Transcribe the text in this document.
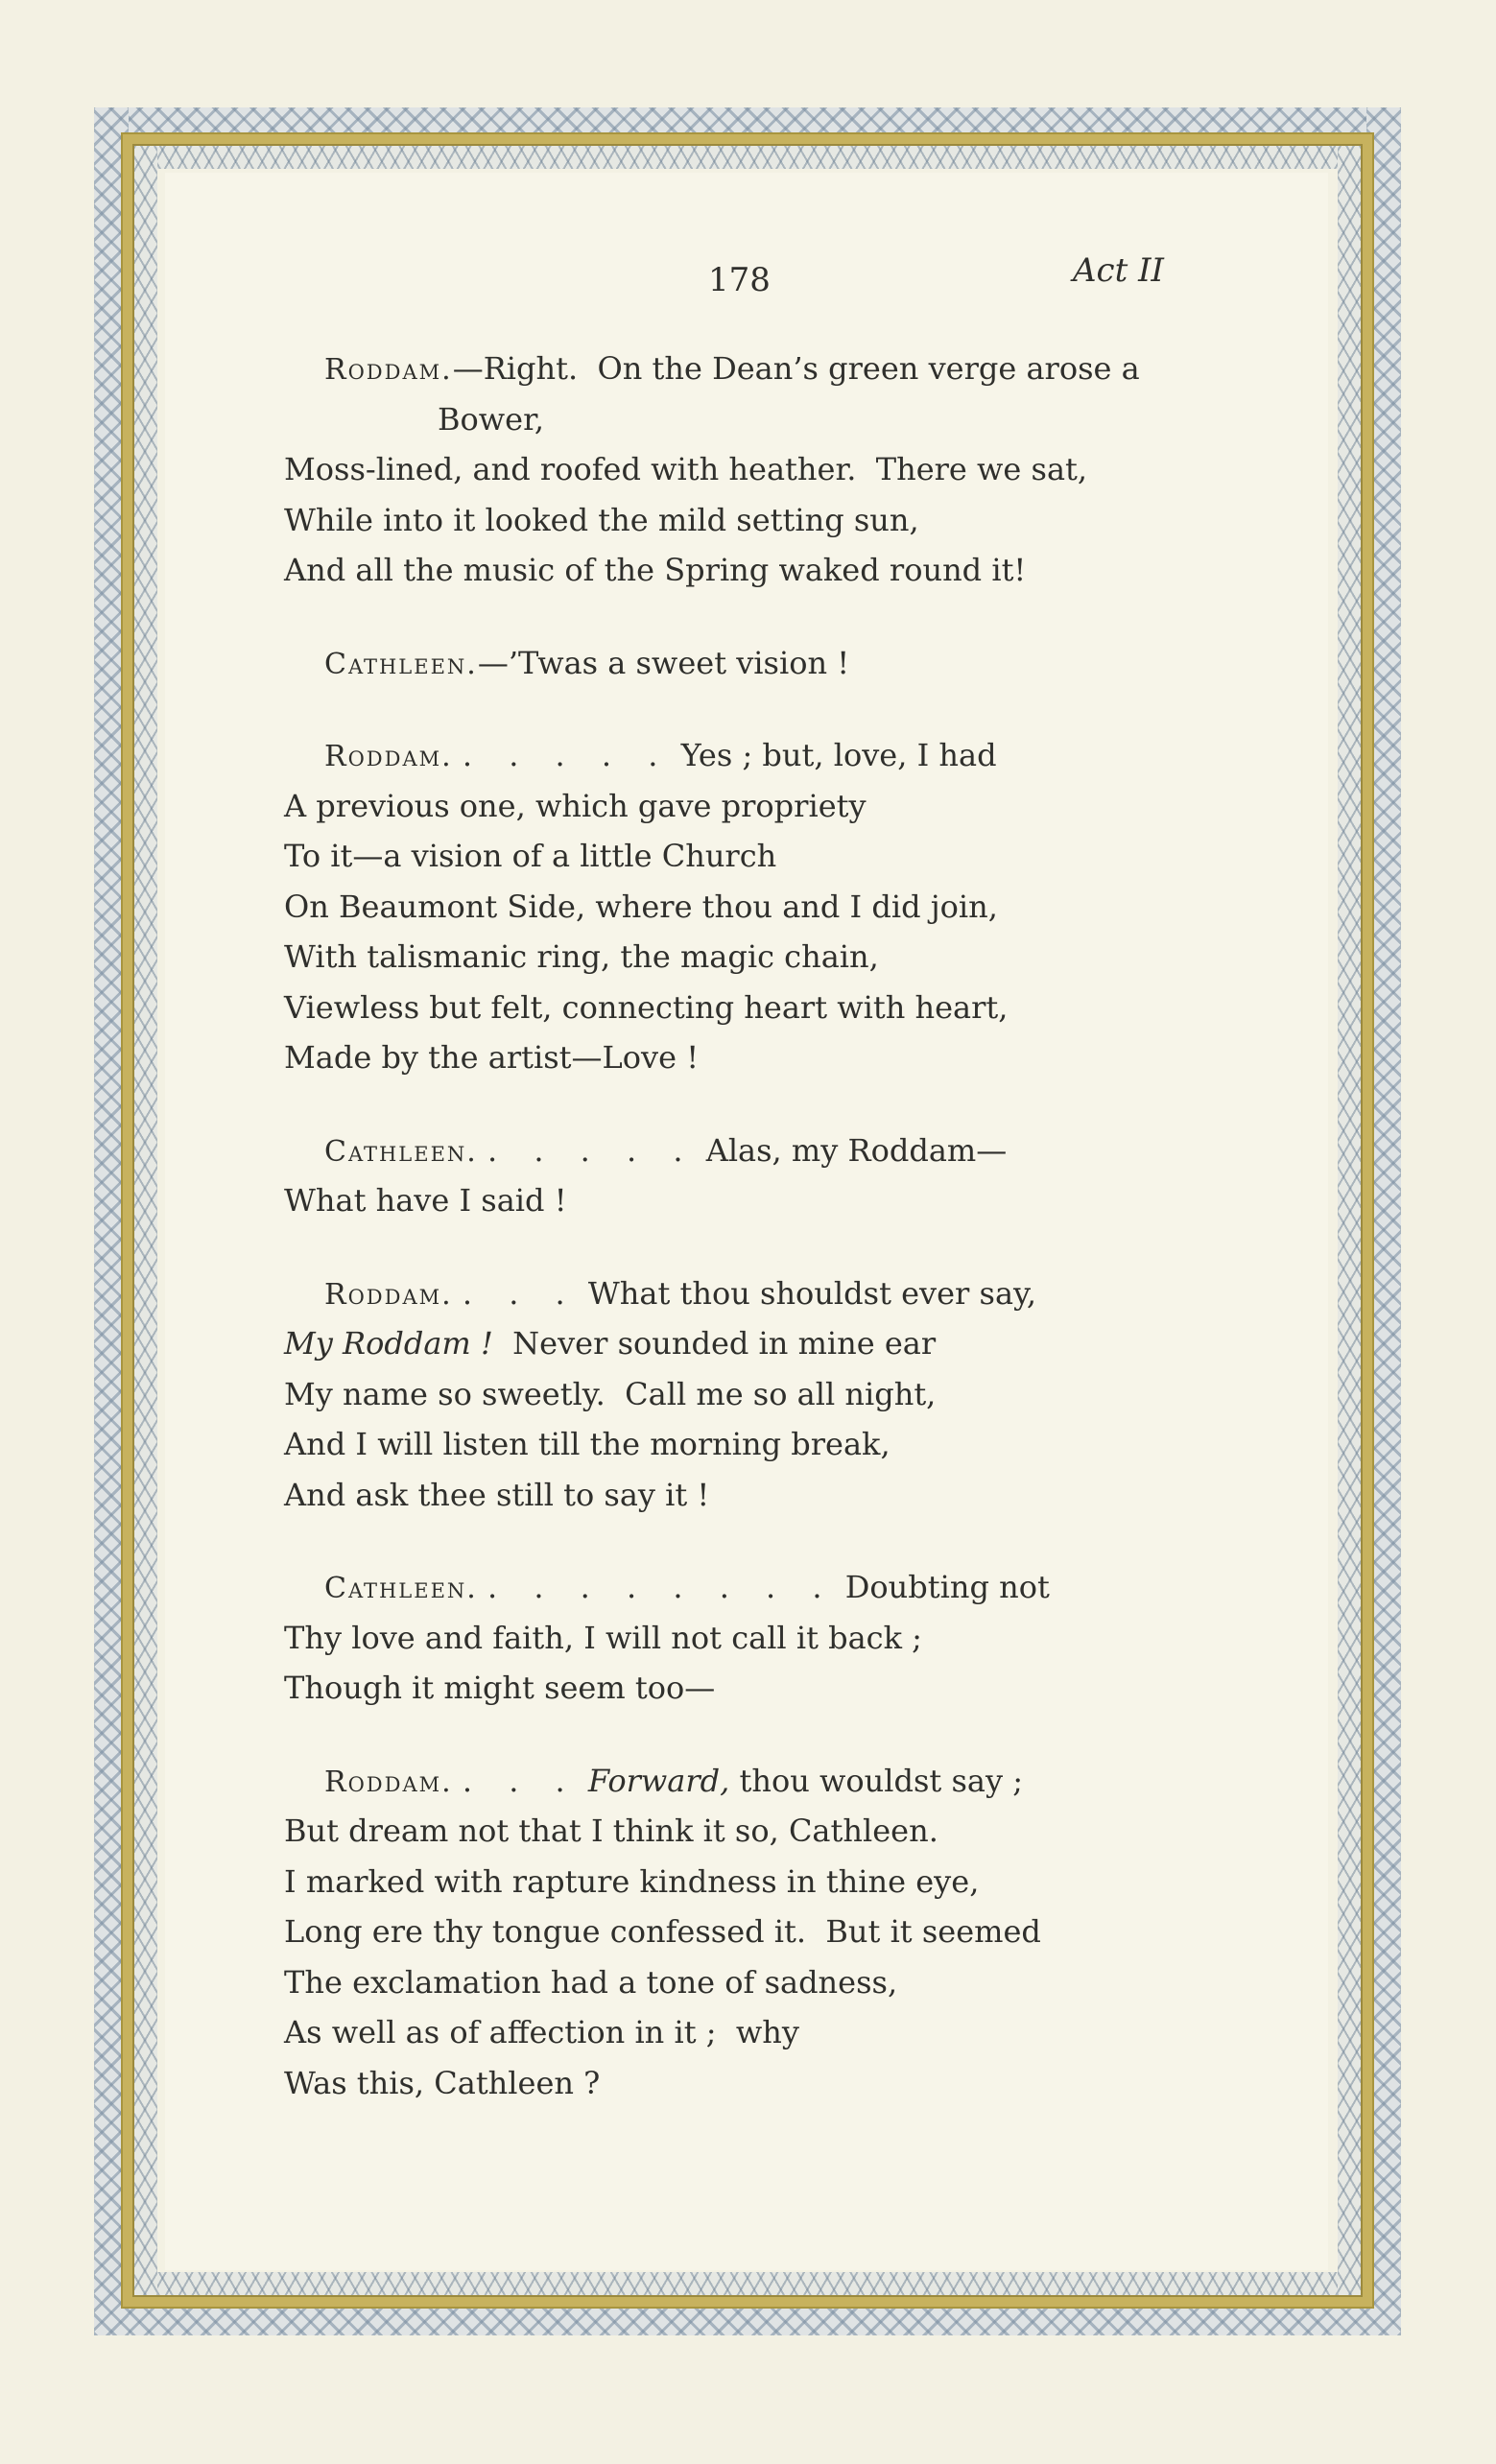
178	Act II
Roddam.—Right.  On the Dean’s green verge arose a
Bower,
Moss-lined, and roofed with heather.  There we sat,
While into it looked the mild setting sun,
And all the music of the Spring waked round it!
Cathleen.—’Twas a sweet vision !
Roddam. . . . . . Yes ; but, love, I had
A previous one, which gave propriety
To it—a vision of a little Church
On Beaumont Side, where thou and I did join,
With talismanic ring, the magic chain,
Viewless but felt, connecting heart with heart,
Made by the artist—Love !
Cathleen. . . . . . Alas, my Roddam—
What have I said !
Roddam. . . . What thou shouldst ever say,
My Roddam ! Never sounded in mine ear
My name so sweetly.  Call me so all night,
And I will listen till the morning break,
And ask thee still to say it !
Cathleen. . . . . . . . . Doubting not
Thy love and faith, I will not call it back ;
Though it might seem too—
Roddam. . . . Forward, thou wouldst say ;
But dream not that I think it so, Cathleen.
I marked with rapture kindness in thine eye,
Long ere thy tongue confessed it.  But it seemed
The exclamation had a tone of sadness,
As well as of affection in it ;  why
Was this, Cathleen ?
